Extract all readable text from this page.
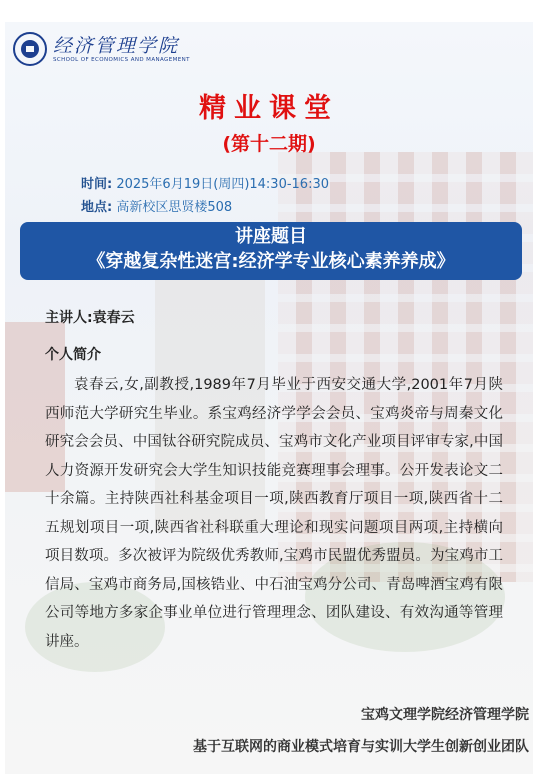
经济管理学院
SCHOOL OF ECONOMICS AND MANAGEMENT
精业课堂
(第十二期)
时间: 2025年6月19日(周四)14:30-16:30
地点: 高新校区思贤楼508
讲座题目
《穿越复杂性迷宫:经济学专业核心素养养成》
主讲人:袁春云
个人简介
袁春云,女,副教授,1989年7月毕业于西安交通大学,2001年7月陕西师范大学研究生毕业。系宝鸡经济学学会会员、宝鸡炎帝与周秦文化研究会会员、中国钛谷研究院成员、宝鸡市文化产业项目评审专家,中国人力资源开发研究会大学生知识技能竞赛理事会理事。公开发表论文二十余篇。主持陕西社科基金项目一项,陕西教育厅项目一项,陕西省十二五规划项目一项,陕西省社科联重大理论和现实问题项目两项,主持横向项目数项。多次被评为院级优秀教师,宝鸡市民盟优秀盟员。为宝鸡市工信局、宝鸡市商务局,国核锆业、中石油宝鸡分公司、青岛啤酒宝鸡有限公司等地方多家企事业单位进行管理理念、团队建设、有效沟通等管理讲座。
宝鸡文理学院经济管理学院
基于互联网的商业模式培育与实训大学生创新创业团队
